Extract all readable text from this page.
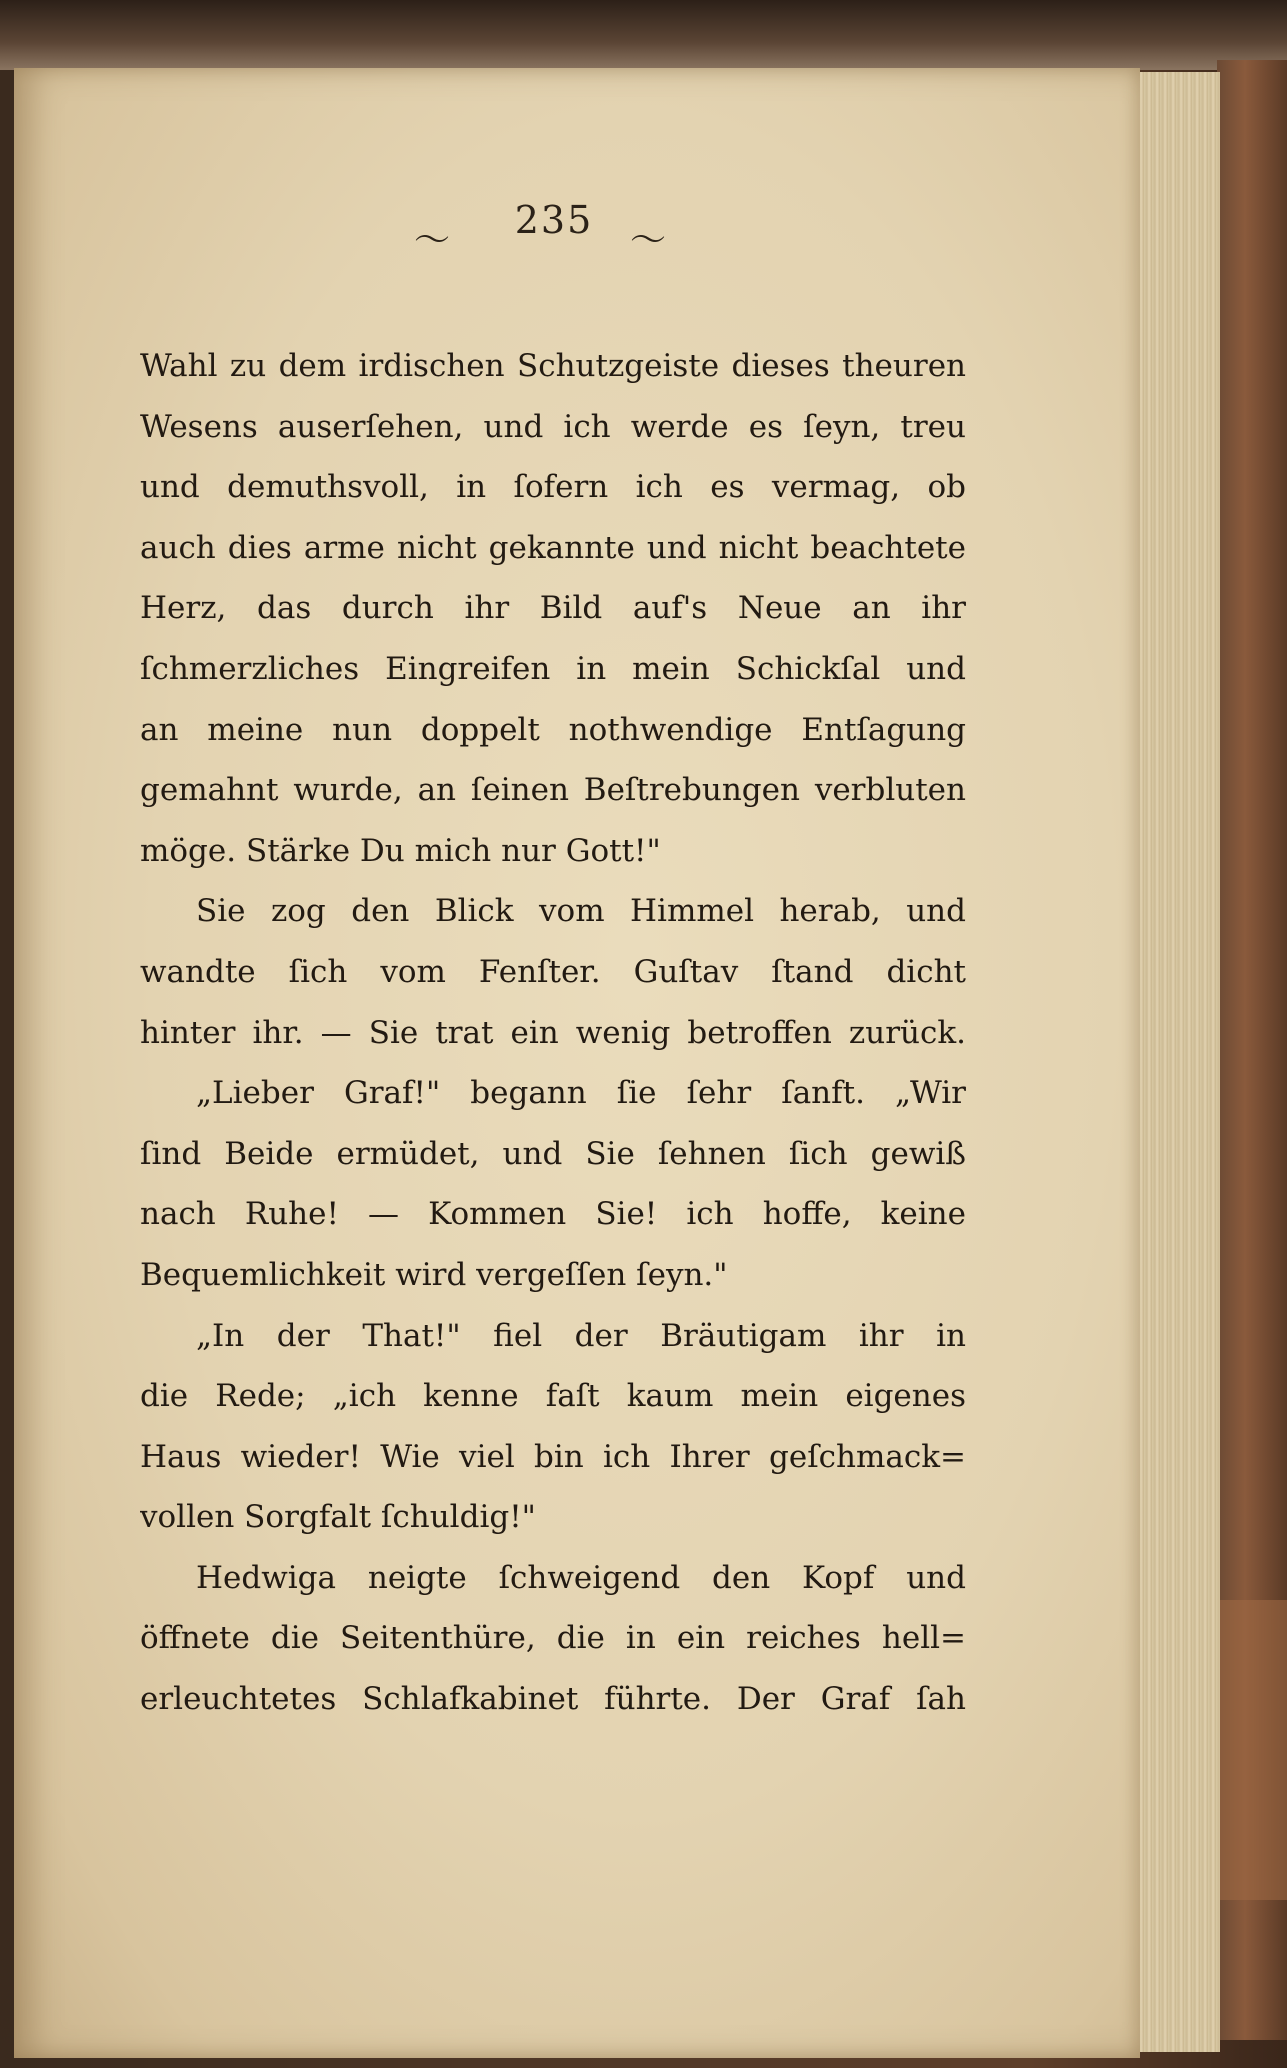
〜	235	〜
Wahl zu dem irdischen Schutzgeiste dieses theuren
Wesens auserſehen, und ich werde es ſeyn, treu
und demuthsvoll, in ſofern ich es vermag, ob
auch dies arme nicht gekannte und nicht beachtete
Herz, das durch ihr Bild auf's Neue an ihr
ſchmerzliches Eingreifen in mein Schickſal und
an meine nun doppelt nothwendige Entſagung
gemahnt wurde, an ſeinen Beſtrebungen verbluten
möge. Stärke Du mich nur Gott!"
Sie zog den Blick vom Himmel herab, und
wandte ſich vom Fenſter. Guſtav ſtand dicht
hinter ihr. — Sie trat ein wenig betroffen zurück.
„Lieber Graf!" begann ſie ſehr ſanft. „Wir
ſind Beide ermüdet, und Sie ſehnen ſich gewiß
nach Ruhe! — Kommen Sie! ich hoffe, keine
Bequemlichkeit wird vergeſſen ſeyn."
„In der That!" fiel der Bräutigam ihr in
die Rede; „ich kenne faſt kaum mein eigenes
Haus wieder! Wie viel bin ich Ihrer geſchmack=
vollen Sorgfalt ſchuldig!"
Hedwiga neigte ſchweigend den Kopf und
öffnete die Seitenthüre, die in ein reiches hell=
erleuchtetes Schlafkabinet führte. Der Graf ſah
